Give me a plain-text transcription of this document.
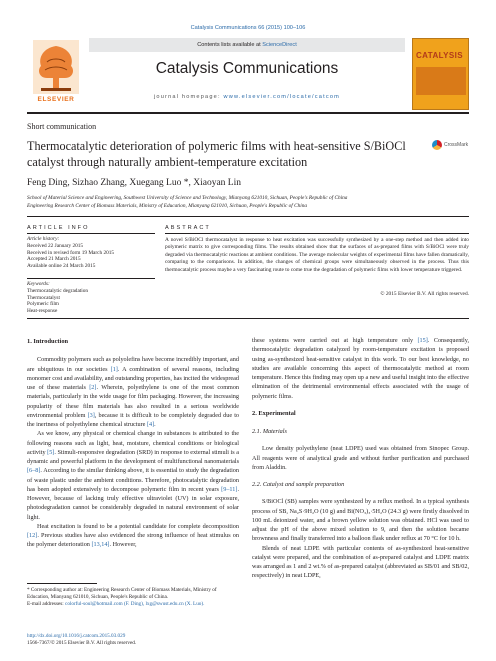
Catalysis Communications 66 (2015) 100–106
ELSEVIER
Contents lists available at ScienceDirect
Catalysis Communications
journal homepage: www.elsevier.com/locate/catcom
CATALYSIS
Short communication
Thermocatalytic deterioration of polymeric films with heat-sensitive S/BiOCl catalyst through naturally ambient-temperature excitation
CrossMark
Feng Ding, Sizhao Zhang, Xuegang Luo *, Xiaoyan Lin
School of Material Science and Engineering, Southwest University of Science and Technology, Mianyang 621010, Sichuan, People's Republic of China
Engineering Research Center of Biomass Materials, Ministry of Education, Mianyang 621010, Sichuan, People's Republic of China
ARTICLE INFO	ABSTRACT
Article history:
Received 22 January 2015
Received in revised form 19 March 2015
Accepted 21 March 2015
Available online 24 March 2015
Keywords:
Thermocatalytic degradation
Thermocatalyst
Polymeric film
Heat-response
A novel S/BiOCl thermocatalyst in response to heat excitation was successfully synthesized by a one-step method and then added into polymeric matrix to give corresponding films. The results obtained show that the surfaces of as-prepared films with S/BiOCl were truly degraded via thermocatalytic reactions at ambient conditions. The average molecular weights of experimental films have fallen dramatically, comparing to the comparisons. In addition, the changes of chemical groups were simultaneously observed in the process. Thus this thermocatalytic process maybe a very fascinating route to come true the degradation of polymeric films with lower temperature triggered.
© 2015 Elsevier B.V. All rights reserved.
1. Introduction

Commodity polymers such as polyolefins have become incredibly important, and are ubiquitous in our societies [1]. A combination of several reasons, including monomer cost and availability, and outstanding properties, has incited the widespread use of these materials [2]. Wherein, polyethylene is one of the most common materials, particularly in the wide usage for film packaging. However, the increasing popularity of these film materials has also resulted in a serious worldwide environmental problem [3], because it is difficult to be completely degraded due to the inertness of polyethylene chemical structure [4].

As we know, any physical or chemical change in substances is attributed to the following reasons such as light, heat, moisture, chemical conditions or biological activity [5]. Stimuli-responsive degradation (SRD) in response to external stimuli is a dynamic and powerful platform in the development of multifunctional nanomaterials [6–8]. According to the similar thinking above, it is essential to study the degradation of waste plastic under the ambient conditions. Therefore, photocatalytic degradation has been adopted extensively to decompose polymeric film in recent years [9–11]. However, because of lacking truly effective ultraviolet (UV) in solar exposure, photodegradation cannot be considerably degraded in natural environment of solar light.

Heat excitation is found to be a potential candidate for complete decomposition [12]. Previous studies have also evidenced the strong influence of heat stimulus on the polymer deterioration [13,14]. However,

these systems were carried out at high temperature only [15]. Consequently, thermocatalytic degradation catalyzed by room-temperature excitation is proposed using as-synthesized heat-sensitive catalyst in this work. To our best knowledge, no studies are available concerning this aspect of thermocatalytic method at room temperature. Hence this finding may open up a new and useful insight into the effective elimination of the detrimental environmental effects associated with the usage of polymeric films.

2. Experimental
2.1. Materials

Low density polyethylene (neat LDPE) used was obtained from Sinopec Group. All reagents were of analytical grade and without further purification and purchased from Aladdin.

2.2. Catalyst and sample preparation

S/BiOCl (SB) samples were synthesized by a reflux method. In a typical synthesis process of SB, Na₂S·9H₂O (10 g) and Bi(NO₃)₃·5H₂O (24.3 g) were firstly dissolved in 100 mL deionized water, and a brown yellow solution was obtained. HCl was used to adjust the pH of the above mixed solution to 9, and then the solution became brownness and finally transferred into a balloon flask under reflux at 70 °C for 10 h.

Blends of neat LDPE with particular contents of as-synthesized heat-sensitive catalyst were prepared, and the combination of as-prepared catalyst and LDPE matrix was arranged as 1 and 2 wt.% of as-prepared catalyst (abbreviated as SB/01 and SB/02, respectively) in neat LDPE,

* Corresponding author at: Engineering Research Center of Biomass Materials, Ministry of Education, Mianyang 621010, Sichuan, People's Republic of China.
E-mail addresses: colorful-soul@hotmail.com (F. Ding), lxg@swust.edu.cn (X. Luo).
http://dx.doi.org/10.1016/j.catcom.2015.03.029
1566-7367/© 2015 Elsevier B.V. All rights reserved.
